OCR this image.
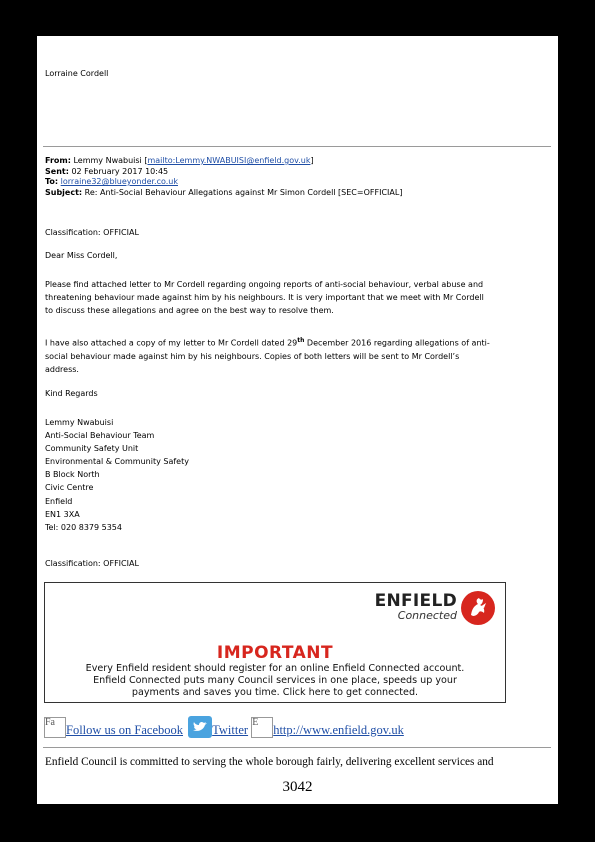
Lorraine Cordell
From: Lemmy Nwabuisi [mailto:Lemmy.NWABUISI@enfield.gov.uk]
Sent: 02 February 2017 10:45
To: lorraine32@blueyonder.co.uk
Subject: Re: Anti-Social Behaviour Allegations against Mr Simon Cordell [SEC=OFFICIAL]
Classification: OFFICIAL
Dear Miss Cordell,
Please find attached letter to Mr Cordell regarding ongoing reports of anti-social behaviour, verbal abuse and
threatening behaviour made against him by his neighbours. It is very important that we meet with Mr Cordell
to discuss these allegations and agree on the best way to resolve them.
I have also attached a copy of my letter to Mr Cordell dated 29th December 2016 regarding allegations of anti-
social behaviour made against him by his neighbours. Copies of both letters will be sent to Mr Cordell’s
address.
Kind Regards
Lemmy Nwabuisi
Anti-Social Behaviour Team
Community Safety Unit
Environmental & Community Safety
B Block North
Civic Centre
Enfield
EN1 3XA
Tel: 020 8379 5354
Classification: OFFICIAL
ENFIELD
Connected
IMPORTANT
Every Enfield resident should register for an online Enfield Connected account.
Enfield Connected puts many Council services in one place, speeds up your
payments and saves you time. Click here to get connected.
FaFollow us on Facebook Twitter Ehttp://www.enfield.gov.uk
Enfield Council is committed to serving the whole borough fairly, delivering excellent services and
3042
